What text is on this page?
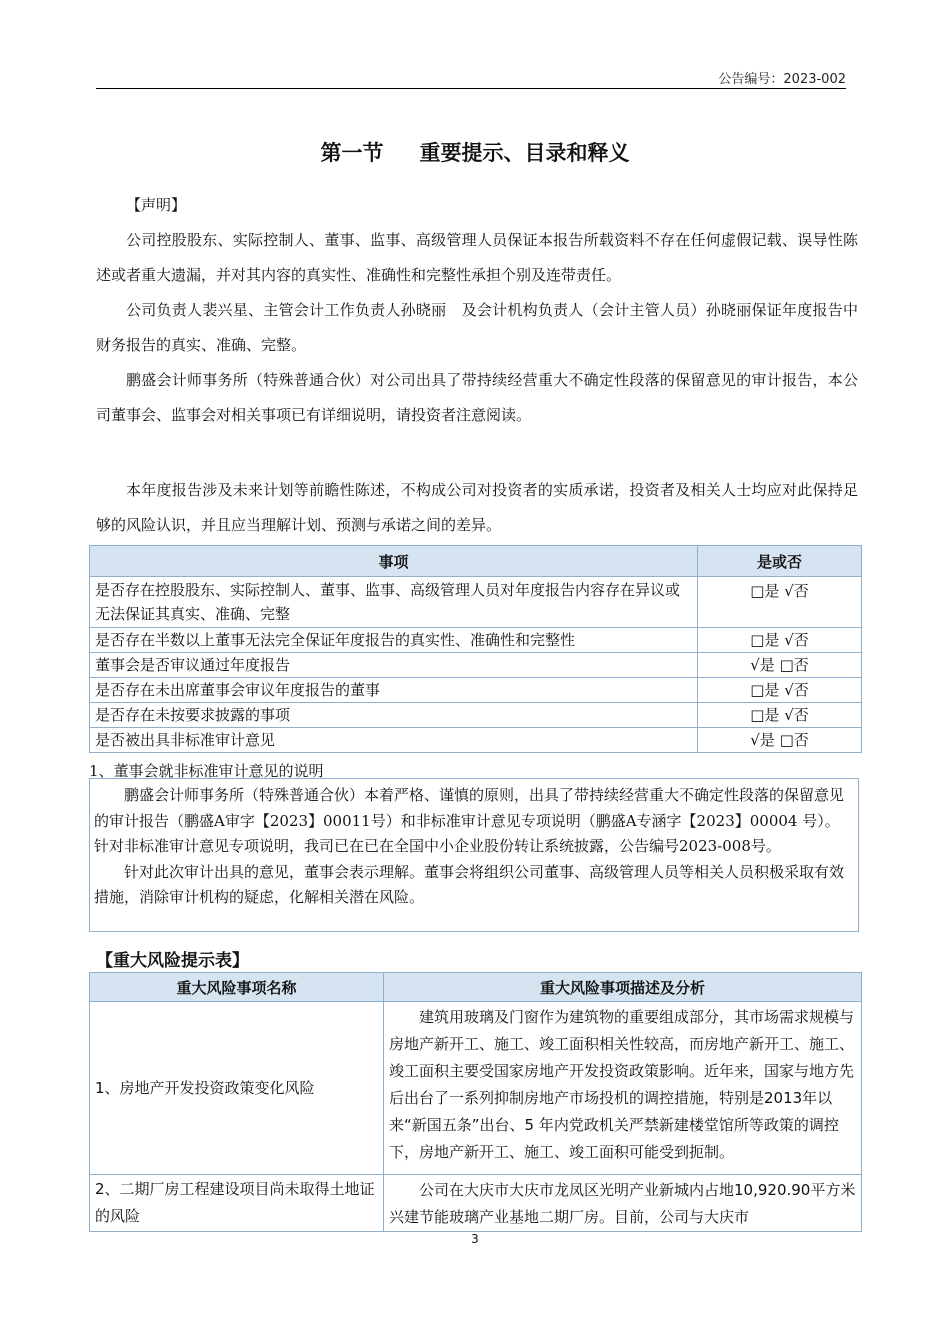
公告编号：2023-002
第一节 重要提示、目录和释义

【声明】

公司控股股东、实际控制人、董事、监事、高级管理人员保证本报告所载资料不存在任何虚假记载、误导性陈述或者重大遗漏，并对其内容的真实性、准确性和完整性承担个别及连带责任。

公司负责人裴兴星、主管会计工作负责人孙晓丽　及会计机构负责人（会计主管人员）孙晓丽保证年度报告中财务报告的真实、准确、完整。

鹏盛会计师事务所（特殊普通合伙）对公司出具了带持续经营重大不确定性段落的保留意见的审计报告，本公司董事会、监事会对相关事项已有详细说明，请投资者注意阅读。

本年度报告涉及未来计划等前瞻性陈述，不构成公司对投资者的实质承诺，投资者及相关人士均应对此保持足够的风险认识，并且应当理解计划、预测与承诺之间的差异。

事项	是或否
是否存在控股股东、实际控制人、董事、监事、高级管理人员对年度报告内容存在异议或无法保证其真实、准确、完整	□是 √否
是否存在半数以上董事无法完全保证年度报告的真实性、准确性和完整性	□是 √否
董事会是否审议通过年度报告	√是 □否
是否存在未出席董事会审议年度报告的董事	□是 √否
是否存在未按要求披露的事项	□是 √否
是否被出具非标准审计意见	√是 □否
1、董事会就非标准审计意见的说明

鹏盛会计师事务所（特殊普通合伙）本着严格、谨慎的原则，出具了带持续经营重大不确定性段落的保留意见的审计报告（鹏盛A审字【2023】00011号）和非标准审计意见专项说明（鹏盛A专涵字【2023】00004 号）。针对非标准审计意见专项说明，我司已在已在全国中小企业股份转让系统披露，公告编号2023-008号。

针对此次审计出具的意见，董事会表示理解。董事会将组织公司董事、高级管理人员等相关人员积极采取有效措施，消除审计机构的疑虑，化解相关潜在风险。

【重大风险提示表】
重大风险事项名称	重大风险事项描述及分析
1、房地产开发投资政策变化风险	建筑用玻璃及门窗作为建筑物的重要组成部分，其市场需求规模与房地产新开工、施工、竣工面积相关性较高，而房地产新开工、施工、竣工面积主要受国家房地产开发投资政策影响。近年来，国家与地方先后出台了一系列抑制房地产市场投机的调控措施，特别是2013年以来“新国五条”出台、5 年内党政机关严禁新建楼堂馆所等政策的调控下，房地产新开工、施工、竣工面积可能受到扼制。
2、二期厂房工程建设项目尚未取得土地证的风险	公司在大庆市大庆市龙凤区光明产业新城内占地10,920.90平方米兴建节能玻璃产业基地二期厂房。目前，公司与大庆市
3
